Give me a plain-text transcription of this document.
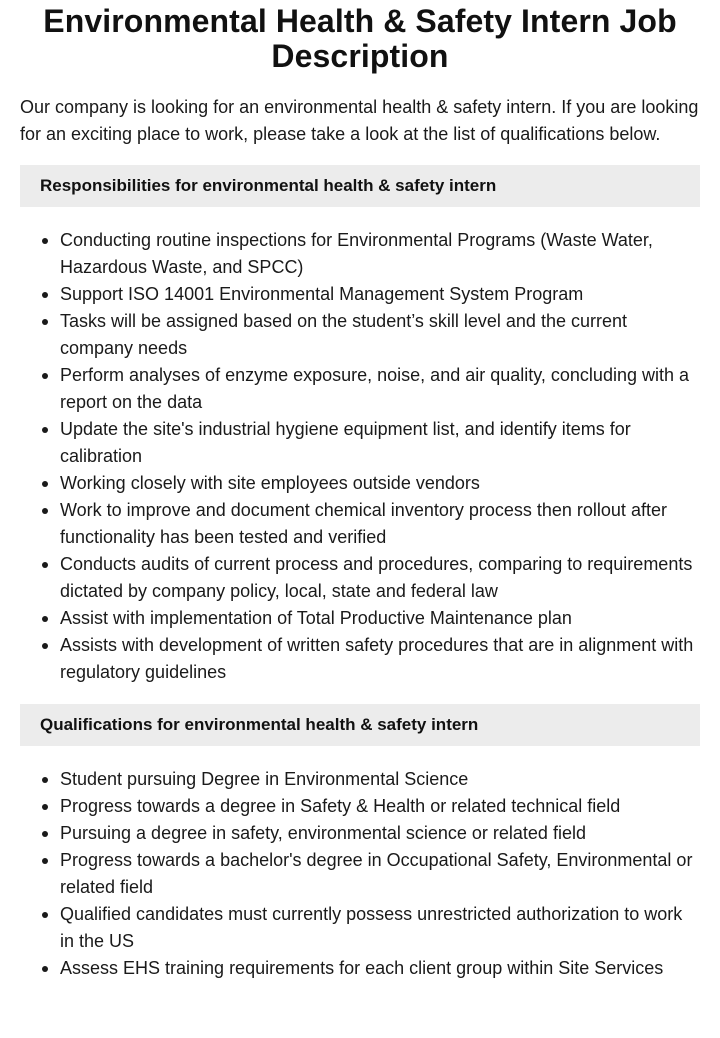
Environmental Health & Safety Intern Job Description

Our company is looking for an environmental health & safety intern. If you are looking for an exciting place to work, please take a look at the list of qualifications below.

Responsibilities for environmental health & safety intern
Conducting routine inspections for Environmental Programs (Waste Water, Hazardous Waste, and SPCC)
Support ISO 14001 Environmental Management System Program
Tasks will be assigned based on the student’s skill level and the current company needs
Perform analyses of enzyme exposure, noise, and air quality, concluding with a report on the data
Update the site's industrial hygiene equipment list, and identify items for calibration
Working closely with site employees outside vendors
Work to improve and document chemical inventory process then rollout after functionality has been tested and verified
Conducts audits of current process and procedures, comparing to requirements dictated by company policy, local, state and federal law
Assist with implementation of Total Productive Maintenance plan
Assists with development of written safety procedures that are in alignment with regulatory guidelines
Qualifications for environmental health & safety intern
Student pursuing Degree in Environmental Science
Progress towards a degree in Safety & Health or related technical field
Pursuing a degree in safety, environmental science or related field
Progress towards a bachelor's degree in Occupational Safety, Environmental or related field
Qualified candidates must currently possess unrestricted authorization to work in the US
Assess EHS training requirements for each client group within Site Services
